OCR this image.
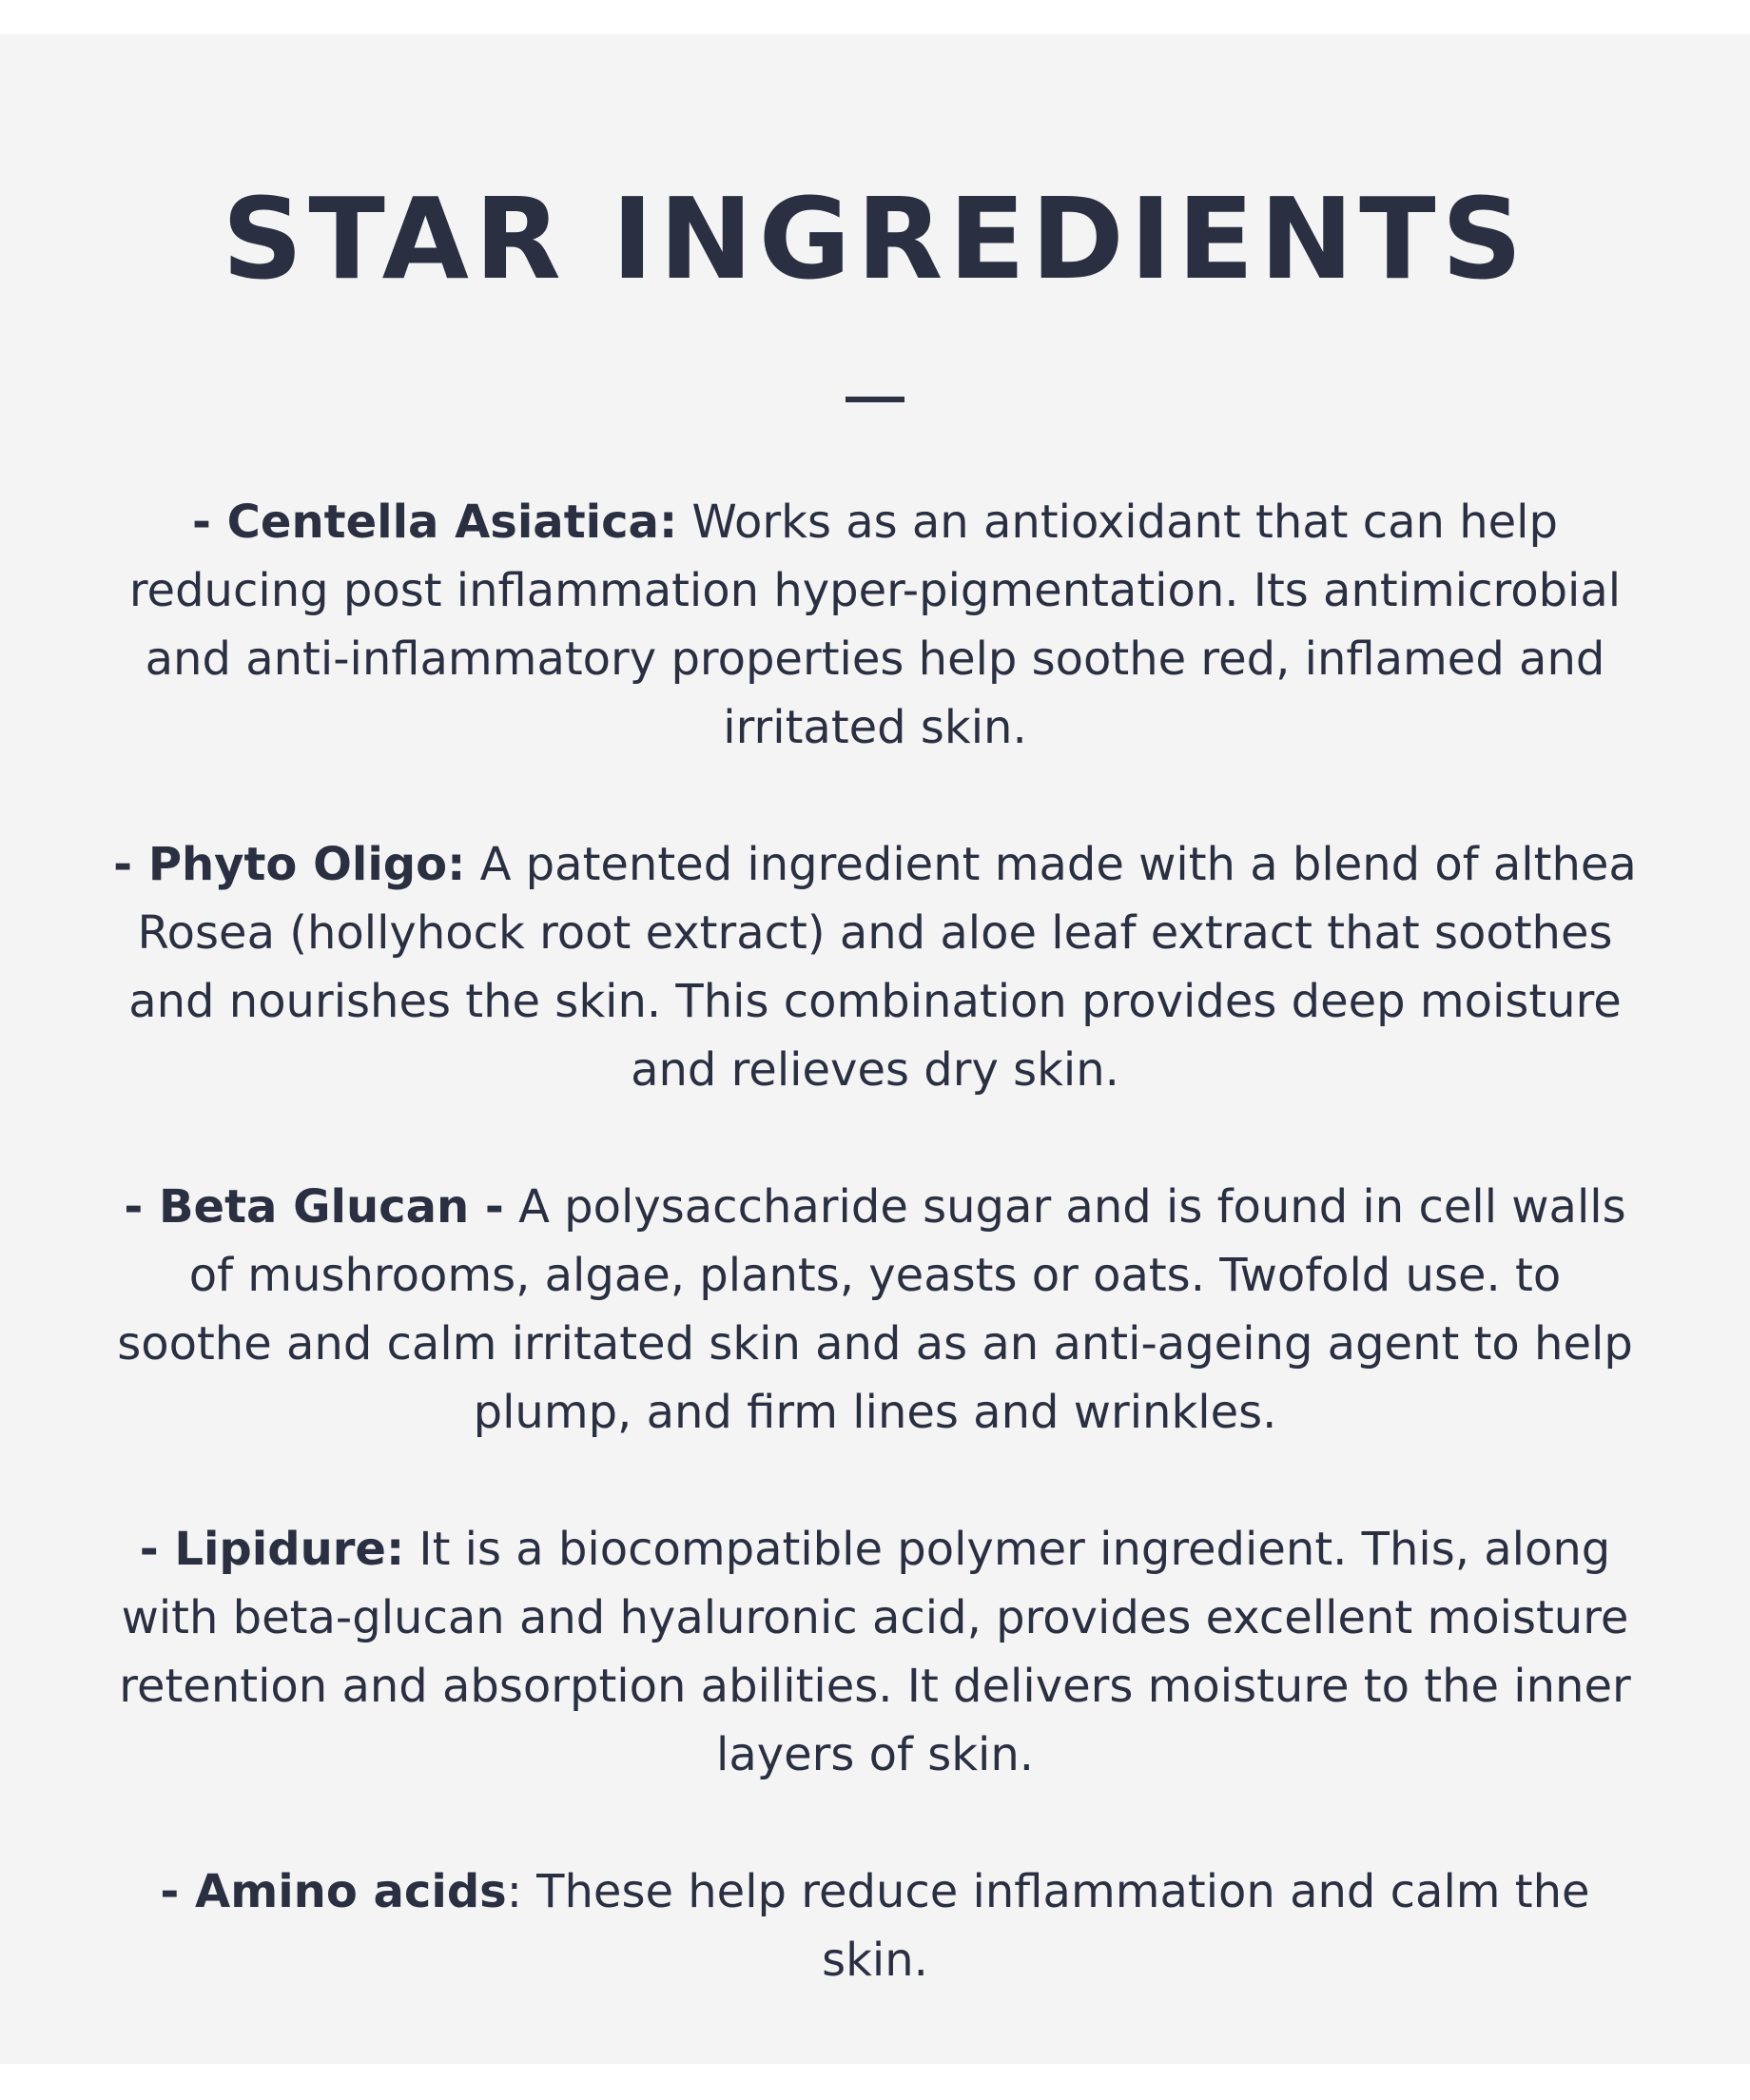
STAR INGREDIENTS

- Centella Asiatica: Works as an antioxidant that can help reducing post inflammation hyper-pigmentation. Its antimicrobial and anti-inflammatory properties help soothe red, inflamed and irritated skin.

- Phyto Oligo: A patented ingredient made with a blend of althea Rosea (hollyhock root extract) and aloe leaf extract that soothes and nourishes the skin. This combination provides deep moisture and relieves dry skin.

- Beta Glucan - A polysaccharide sugar and is found in cell walls of mushrooms, algae, plants, yeasts or oats. Twofold use. to soothe and calm irritated skin and as an anti-ageing agent to help plump, and firm lines and wrinkles.

- Lipidure: It is a biocompatible polymer ingredient. This, along with beta-glucan and hyaluronic acid, provides excellent moisture retention and absorption abilities. It delivers moisture to the inner layers of skin.

- Amino acids: These help reduce inflammation and calm the skin.
